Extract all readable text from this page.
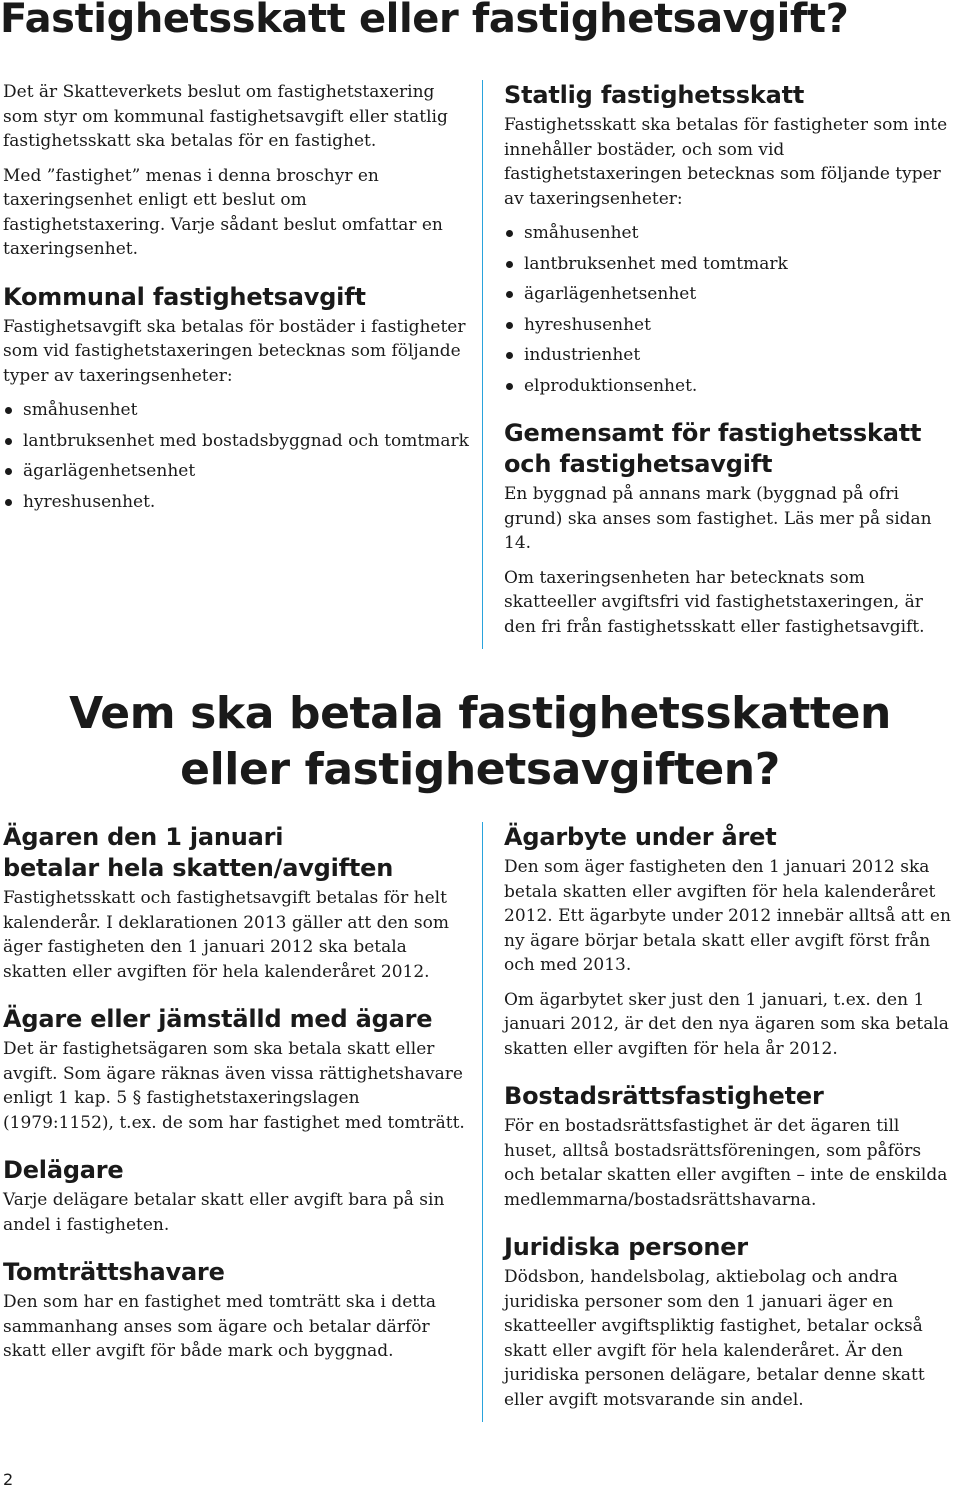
Fastighetsskatt eller fastighetsavgift?

Det är Skatteverkets beslut om fastighetstaxering som styr om kommunal fastighetsavgift eller statlig fastighetsskatt ska betalas för en fastighet.

Med ”fastighet” menas i denna broschyr en taxeringsenhet enligt ett beslut om fastighetstaxering. Varje sådant beslut omfattar en taxeringsenhet.

Kommunal fastighetsavgift

Fastighetsavgift ska betalas för bostäder i fastigheter som vid fastighetstaxeringen betecknas som följande typer av taxeringsenheter:

småhusenhet
lantbruksenhet med bostadsbyggnad och tomtmark
ägarlägenhetsenhet
hyreshusenhet.
Statlig fastighetsskatt

Fastighetsskatt ska betalas för fastigheter som inte innehåller bostäder, och som vid fastighetstaxeringen betecknas som följande typer av taxeringsenheter:

småhusenhet
lantbruksenhet med tomtmark
ägarlägenhetsenhet
hyreshusenhet
industrienhet
elproduktionsenhet.
Gemensamt för fastighetsskatt
och fastighetsavgift

En byggnad på annans mark (byggnad på ofri grund) ska anses som fastighet. Läs mer på sidan 14.

Om taxeringsenheten har betecknats som skatteeller avgiftsfri vid fastighetstaxeringen, är den fri från fastighetsskatt eller fastighetsavgift.

Vem ska betala fastighetsskatten
eller fastighetsavgiften?
Ägaren den 1 januari
betalar hela skatten/avgiften

Fastighetsskatt och fastighetsavgift betalas för helt kalenderår. I deklarationen 2013 gäller att den som äger fastigheten den 1 januari 2012 ska betala skatten eller avgiften för hela kalenderåret 2012.

Ägare eller jämställd med ägare

Det är fastighetsägaren som ska betala skatt eller avgift. Som ägare räknas även vissa rättighetshavare enligt 1 kap. 5 § fastighetstaxeringslagen (1979:1152), t.ex. de som har fastighet med tomträtt.

Delägare

Varje delägare betalar skatt eller avgift bara på sin andel i fastigheten.

Tomträttshavare

Den som har en fastighet med tomträtt ska i detta sammanhang anses som ägare och betalar därför skatt eller avgift för både mark och byggnad.

Ägarbyte under året

Den som äger fastigheten den 1 januari 2012 ska betala skatten eller avgiften för hela kalenderåret 2012. Ett ägarbyte under 2012 innebär alltså att en ny ägare börjar betala skatt eller avgift först från och med 2013.

Om ägarbytet sker just den 1 januari, t.ex. den 1 januari 2012, är det den nya ägaren som ska betala skatten eller avgiften för hela år 2012.

Bostadsrättsfastigheter

För en bostadsrättsfastighet är det ägaren till huset, alltså bostadsrättsföreningen, som påförs och betalar skatten eller avgiften – inte de enskilda medlemmarna/bostadsrättshavarna.

Juridiska personer

Dödsbon, handelsbolag, aktiebolag och andra juridiska personer som den 1 januari äger en skatteeller avgiftspliktig fastighet, betalar också skatt eller avgift för hela kalenderåret. Är den juridiska personen delägare, betalar denne skatt eller avgift motsvarande sin andel.

2
